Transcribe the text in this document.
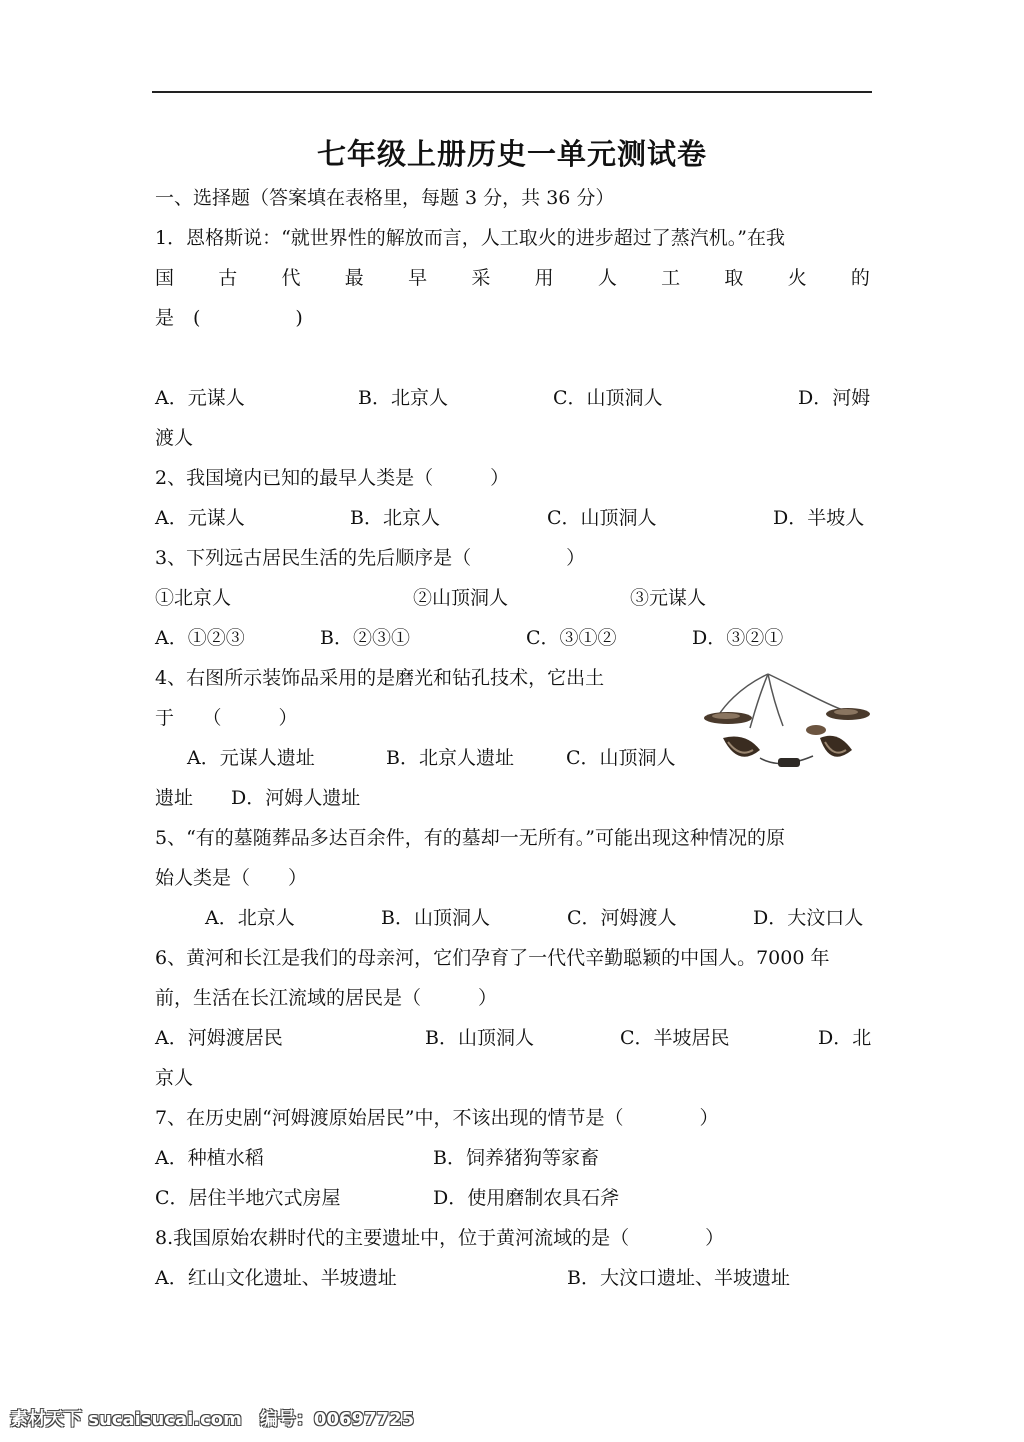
七年级上册历史一单元测试卷
一、选择题（答案填在表格里，每题 3 分，共 36 分）
1．恩格斯说：“就世界性的解放而言，人工取火的进步超过了蒸汽机。”在我
国 古 代 最 早 采 用 人 工 取 火 的
是　(　　　　　)
A．元谋人	B．北京人	C．山顶洞人	D．河姆
渡人
2、我国境内已知的最早人类是（　　　）
A．元谋人	B．北京人	C．山顶洞人	D．半坡人
3、下列远古居民生活的先后顺序是（　　　　　）
①北京人	②山顶洞人	③元谋人
A．①②③	B．②③①	C．③①②	D．③②①
4、右图所示装饰品采用的是磨光和钻孔技术，它出土
于　　（　　　）
A．元谋人遗址	B．北京人遗址	C．山顶洞人
遗址　　D．河姆人遗址
5、“有的墓随葬品多达百余件，有的墓却一无所有。”可能出现这种情况的原
始人类是（　　）
A．北京人	B．山顶洞人	C．河姆渡人	D．大汶口人
6、黄河和长江是我们的母亲河，它们孕育了一代代辛勤聪颖的中国人。7000 年
前，生活在长江流域的居民是（　　　）
A．河姆渡居民	B．山顶洞人	C．半坡居民	D．北
京人
7、在历史剧“河姆渡原始居民”中，不该出现的情节是（　　　　）
A．种植水稻	B．饲养猪狗等家畜
C．居住半地穴式房屋	D．使用磨制农具石斧
8.我国原始农耕时代的主要遗址中，位于黄河流域的是（　　　　）
A．红山文化遗址、半坡遗址	B．大汶口遗址、半坡遗址
素材天下 sucaisucai.com　编号：00697725
